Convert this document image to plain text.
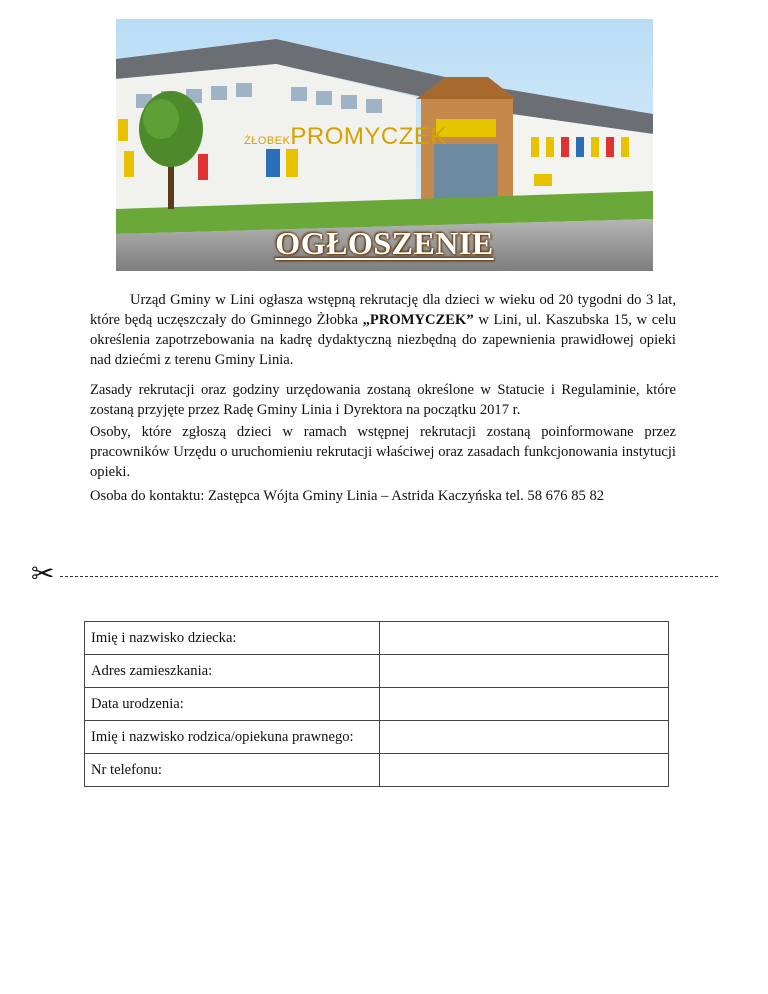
ŻŁOBEKPROMYCZEK
OGŁOSZENIE
Urząd Gminy w Lini ogłasza wstępną rekrutację dla dzieci w wieku od 20 tygodni do 3 lat, które będą uczęszczały do Gminnego Żłobka „PROMYCZEK” w Lini, ul. Kaszubska 15, w celu określenia zapotrzebowania na kadrę dydaktyczną niezbędną do zapewnienia prawidłowej opieki nad dziećmi z terenu Gminy Linia.
Zasady rekrutacji oraz godziny urzędowania zostaną określone w Statucie i Regulaminie, które zostaną przyjęte przez Radę Gminy Linia i Dyrektora na początku 2017 r.
Osoby, które zgłoszą dzieci w ramach wstępnej rekrutacji zostaną poinformowane przez pracowników Urzędu o uruchomieniu rekrutacji właściwej oraz zasadach funkcjonowania instytucji opieki.
Osoba do kontaktu: Zastępca Wójta Gminy Linia – Astrida Kaczyńska tel. 58 676 85 82
✂
Imię i nazwisko dziecka:	
Adres zamieszkania:	
Data urodzenia:	
Imię i nazwisko rodzica/opiekuna prawnego:	
Nr telefonu:	
